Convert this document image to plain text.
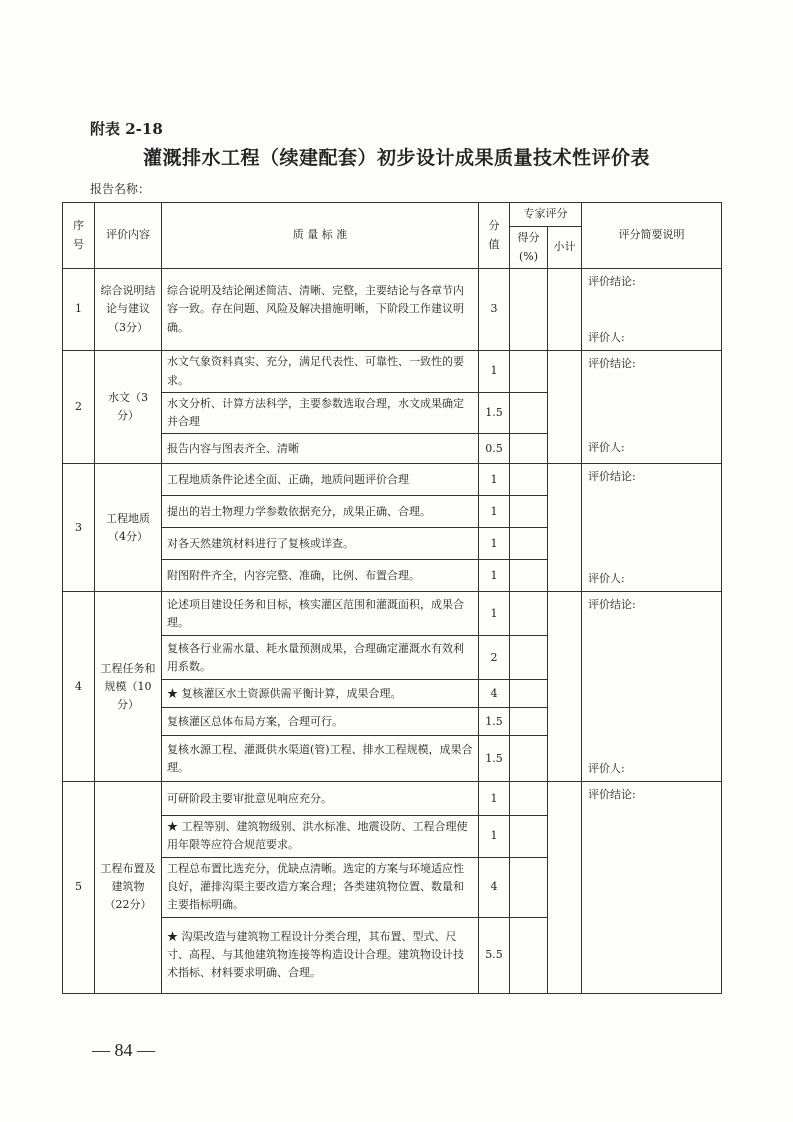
附表 2-18
灌溉排水工程（续建配套）初步设计成果质量技术性评价表
报告名称：
序号	评价内容	质 量 标 准	分值	专家评分		评分简要说明
				得分(%)	小计	
1	综合说明结论与建议（3分）	综合说明及结论阐述简洁、清晰、完整，主要结论与各章节内容一致。存在问题、风险及解决措施明晰，下阶段工作建议明确。	3			评价结论:
评价人:

2	水文（3分）	水文气象资料真实、充分，满足代表性、可靠性、一致性的要求。	1			评价结论:
评价人:

		水文分析、计算方法科学，主要参数选取合理，水文成果确定并合理	1.5			
		报告内容与图表齐全、清晰	0.5			
3	工程地质（4分）	工程地质条件论述全面、正确，地质问题评价合理	1			评价结论:
评价人:

		提出的岩土物理力学参数依据充分，成果正确、合理。	1			
		对各天然建筑材料进行了复核或详查。	1			
		附图附件齐全，内容完整、准确，比例、布置合理。	1			
4	工程任务和规模（10分）	论述项目建设任务和目标，核实灌区范围和灌溉面积，成果合理。	1			评价结论:
评价人:

		复核各行业需水量、耗水量预测成果，合理确定灌溉水有效利用系数。	2			
		★ 复核灌区水土资源供需平衡计算，成果合理。	4			
		复核灌区总体布局方案，合理可行。	1.5			
		复核水源工程、灌溉供水渠道(管)工程、排水工程规模，成果合理。	1.5			
5	工程布置及建筑物（22分）	可研阶段主要审批意见响应充分。	1			评价结论:

		★ 工程等别、建筑物级别、洪水标准、地震设防、工程合理使用年限等应符合规范要求。	1			
		工程总布置比选充分，优缺点清晰。选定的方案与环境适应性良好，灌排沟渠主要改造方案合理；各类建筑物位置、数量和主要指标明确。	4			
		★ 沟渠改造与建筑物工程设计分类合理，其布置、型式、尺寸、高程、与其他建筑物连接等构造设计合理。建筑物设计技术指标、材料要求明确、合理。	5.5			
— 84 —
